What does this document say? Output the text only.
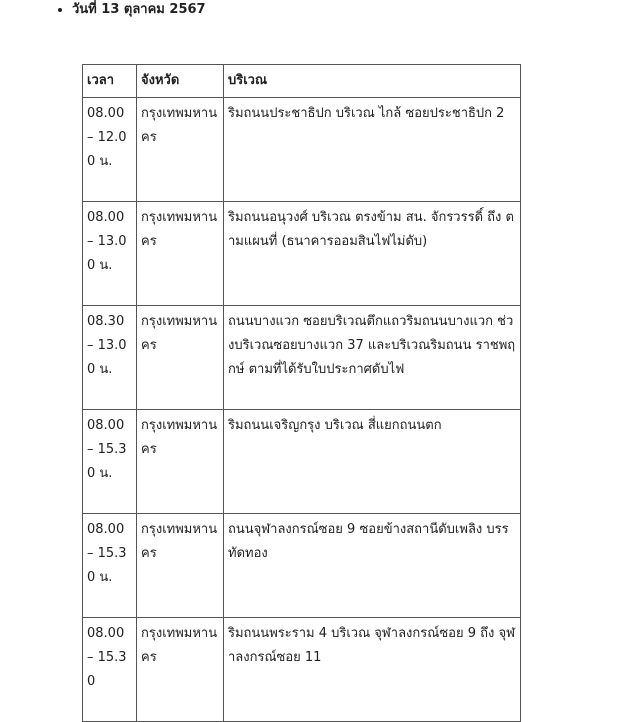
• วันที่ 13 ตุลาคม 2567
เวลา	จังหวัด	บริเวณ
08.00 – 12.00 น.	กรุงเทพมหานคร	ริมถนนประชาธิปก บริเวณ ไกล้ ซอยประชาธิปก 2
08.00 – 13.00 น.	กรุงเทพมหานคร	ริมถนนอนุวงศ์ บริเวณ ตรงข้าม สน. จักรวรรดิ์ ถึง ตามแผนที่ (ธนาคารออมสินไฟไม่ดับ)
08.30 – 13.00 น.	กรุงเทพมหานคร	ถนนบางแวก ซอยบริเวณตึกแถวริมถนนบางแวก ช่วงบริเวณซอยบางแวก 37 และบริเวณริมถนน ราชพฤกษ์ ตามที่ได้รับใบประกาศดับไฟ
08.00 – 15.30 น.	กรุงเทพมหานคร	ริมถนนเจริญกรุง บริเวณ สี่แยกถนนตก
08.00 – 15.30 น.	กรุงเทพมหานคร	ถนนจุฬาลงกรณ์ซอย 9 ซอยข้างสถานีดับเพลิง บรรทัดทอง
08.00 – 15.30	กรุงเทพมหานคร	ริมถนนพระราม 4 บริเวณ จุฬาลงกรณ์ซอย 9 ถึง จุฬาลงกรณ์ซอย 11
